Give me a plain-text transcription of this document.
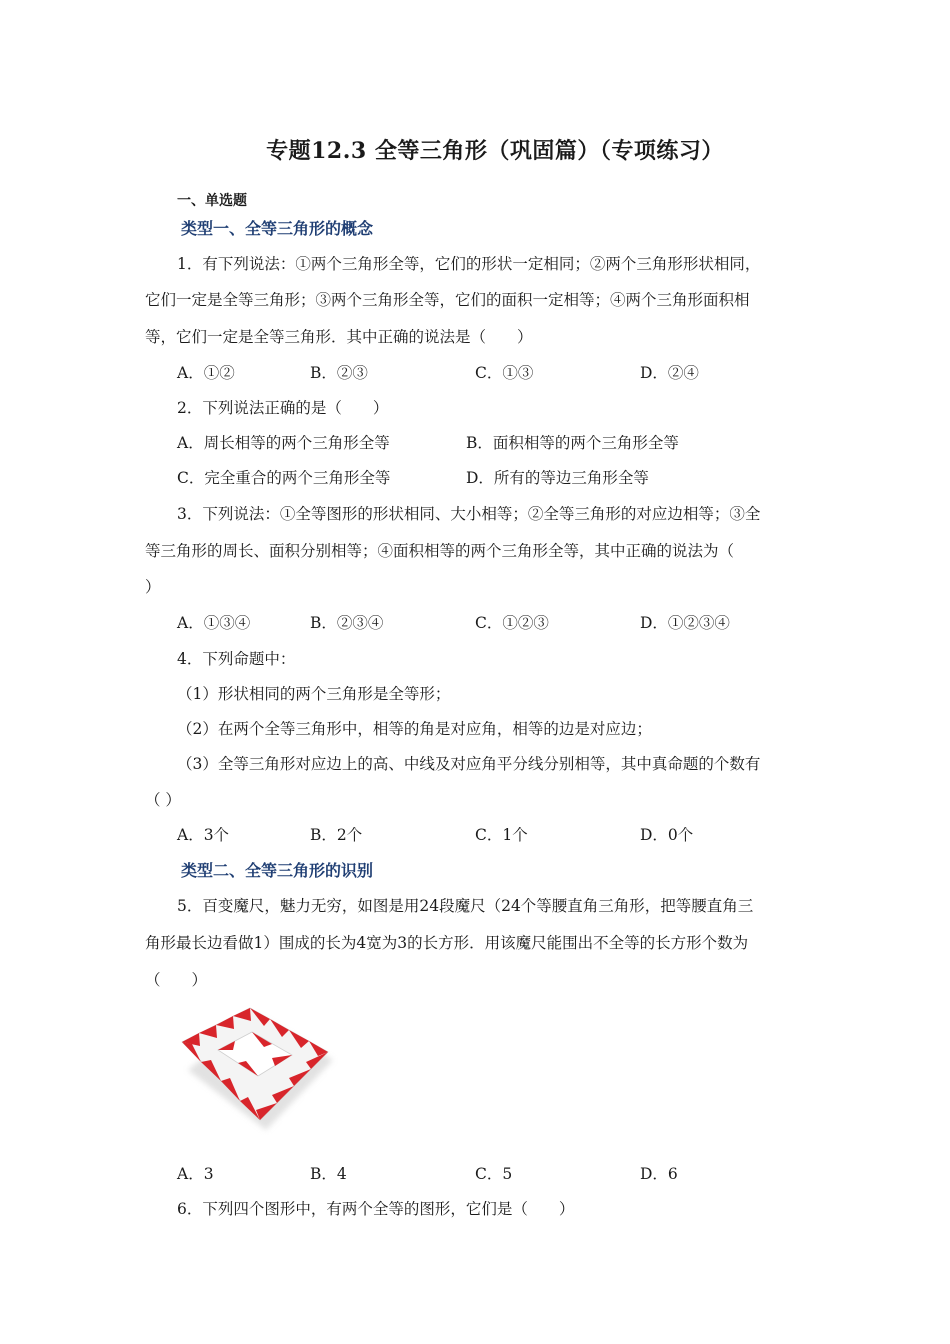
专题12.3 全等三角形（巩固篇）（专项练习）
一、单选题
类型一、全等三角形的概念
1．有下列说法：①两个三角形全等，它们的形状一定相同；②两个三角形形状相同，
它们一定是全等三角形；③两个三角形全等，它们的面积一定相等；④两个三角形面积相
等，它们一定是全等三角形．其中正确的说法是（　　）
A．①②	B．②③	C．①③	D．②④
2．下列说法正确的是（　　）
A．周长相等的两个三角形全等	B．面积相等的两个三角形全等
C．完全重合的两个三角形全等	D．所有的等边三角形全等
3．下列说法：①全等图形的形状相同、大小相等；②全等三角形的对应边相等；③全
等三角形的周长、面积分别相等；④面积相等的两个三角形全等，其中正确的说法为（
）
A．①③④	B．②③④	C．①②③	D．①②③④
4．下列命题中：
（1）形状相同的两个三角形是全等形；
（2）在两个全等三角形中，相等的角是对应角，相等的边是对应边；
（3）全等三角形对应边上的高、中线及对应角平分线分别相等，其中真命题的个数有
（ ）
A．3个	B．2个	C．1个	D．0个
类型二、全等三角形的识别
5．百变魔尺，魅力无穷，如图是用24段魔尺（24个等腰直角三角形，把等腰直角三
角形最长边看做1）围成的长为4宽为3的长方形．用该魔尺能围出不全等的长方形个数为
（　　）
A．3	B．4	C．5	D．6
6．下列四个图形中，有两个全等的图形，它们是（　　）
